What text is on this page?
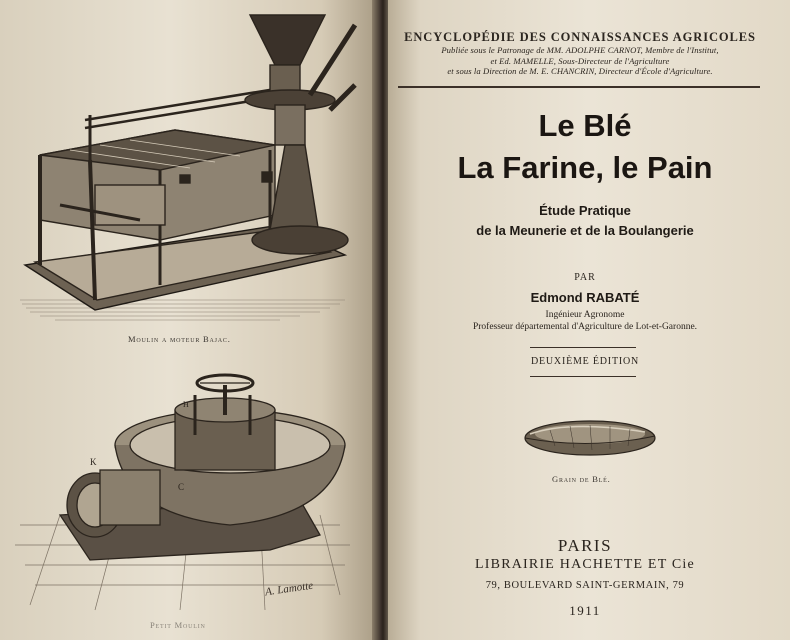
Moulin a moteur Bajac.
K
C
H
Petit Moulin
A. Lamotte
ENCYCLOPÉDIE DES CONNAISSANCES AGRICOLES
Publiée sous le Patronage de MM. ADOLPHE CARNOT, Membre de l'Institut,
et Ed. MAMELLE, Sous-Directeur de l'Agriculture
et sous la Direction de M. E. CHANCRIN, Directeur d'École d'Agriculture.
Le Blé
La Farine, le Pain
Étude Pratique
de la Meunerie et de la Boulangerie
PAR
Edmond RABATÉ
Ingénieur Agronome
Professeur départemental d'Agriculture de Lot-et-Garonne.
DEUXIÈME ÉDITION
Grain de Blé.
PARIS
LIBRAIRIE HACHETTE ET Cie
79, BOULEVARD SAINT-GERMAIN, 79
1911
